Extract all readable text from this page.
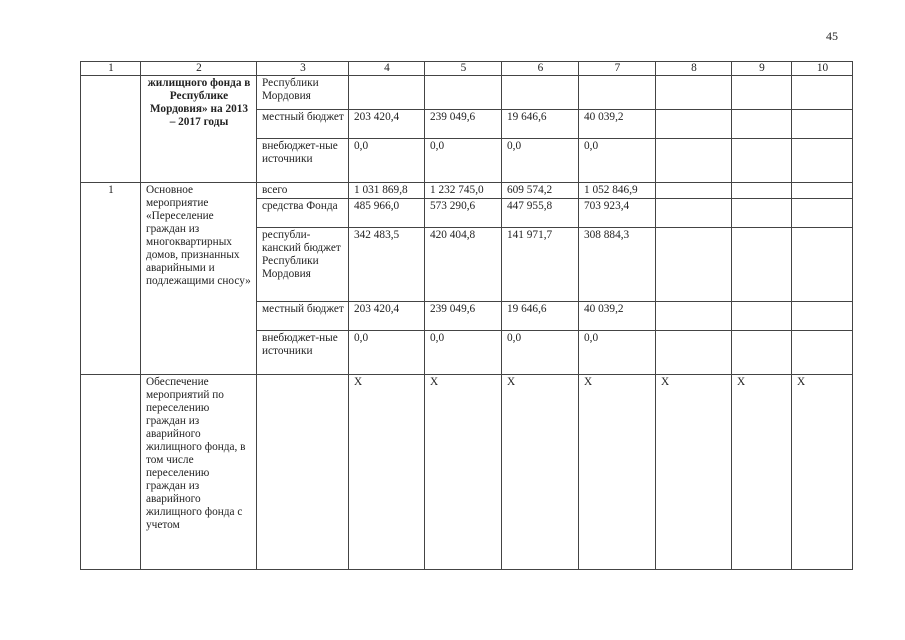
45
1	2	3	4	5	6	7	8	9	10
	жилищного фонда в Республике Мордовия» на 2013 – 2017 годы	Республики Мордовия							
		местный бюджет	203 420,4	239 049,6	19 646,6	40 039,2			
		внебюджет-ные источники	0,0	0,0	0,0	0,0			
1	Основное мероприятие «Переселение граждан из многоквартирных домов, признанных аварийными и подлежащими сносу»	всего	1 031 869,8	1 232 745,0	609 574,2	1 052 846,9			
		средства Фонда	485 966,0	573 290,6	447 955,8	703 923,4			
		республи-канский бюджет Республики Мордовия	342 483,5	420 404,8	141 971,7	308 884,3			
		местный бюджет	203 420,4	239 049,6	19 646,6	40 039,2			
		внебюджет-ные источники	0,0	0,0	0,0	0,0			
	Обеспечение мероприятий по переселению граждан из аварийного жилищного фонда, в том числе переселению граждан из аварийного жилищного фонда с учетом		X	X	X	X	X	X	X
